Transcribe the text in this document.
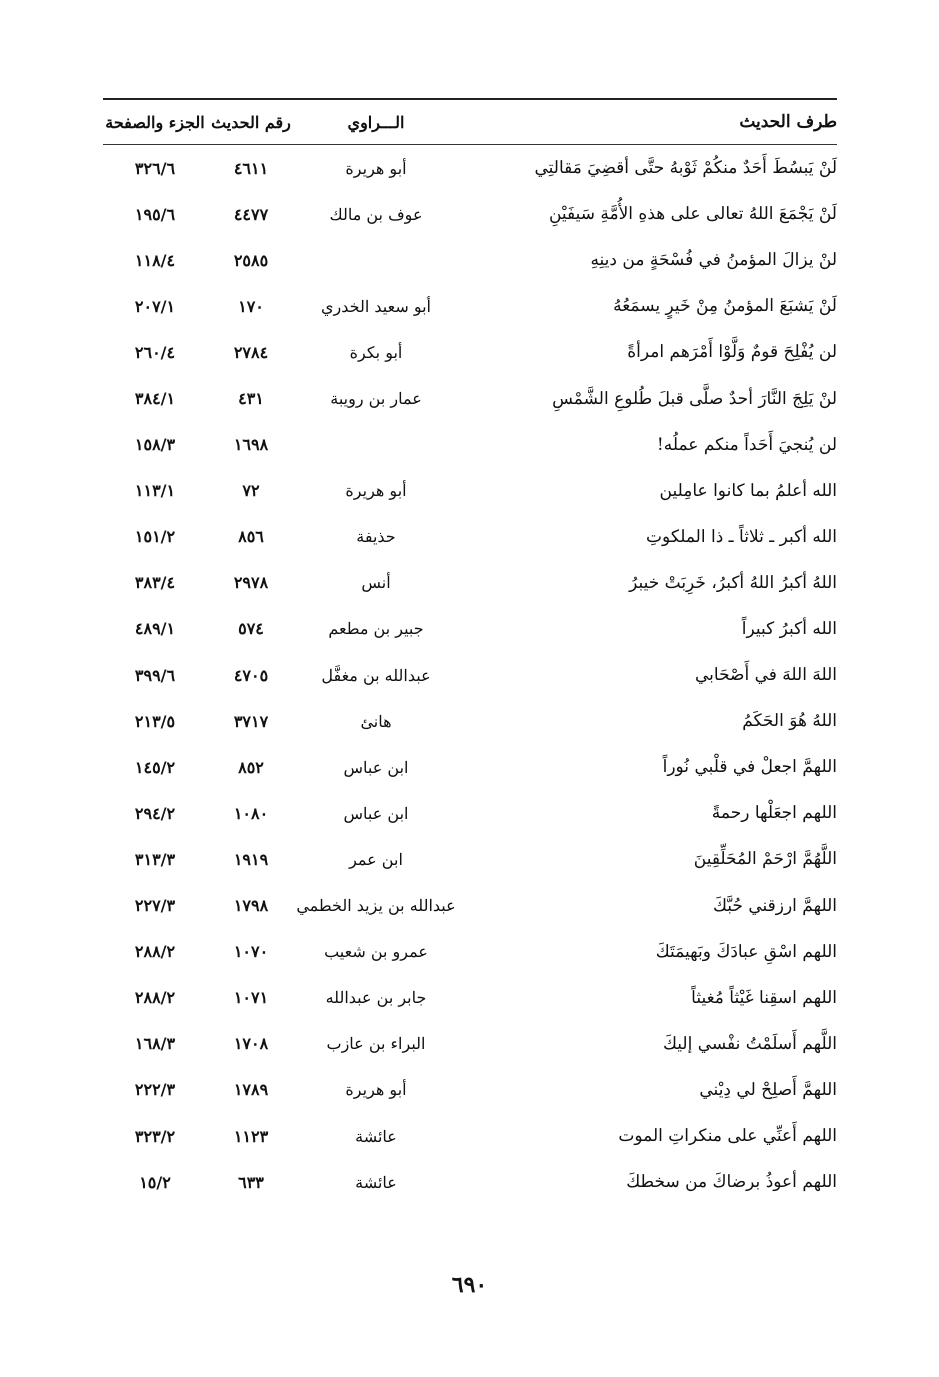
طرف الحديث	الـــراوي	رقم الحديث	الجزء والصفحة
لَنْ يَبسُطَ أَحَدٌ منكُمْ ثَوْبهُ حتَّى أقضِيَ مَقالتِي	أبو هريرة	٤٦١١	٣٢٦/٦
لَنْ يَجْمَعَ اللهُ تعالى على هذهِ الأُمَّةِ سَيفَيْنِ	عوف بن مالك	٤٤٧٧	١٩٥/٦
لنْ يزالَ المؤمنُ في فُسْحَةٍ من دينِهِ		٢٥٨٥	١١٨/٤
لَنْ يَشبَعَ المؤمنُ مِنْ خَيرٍ يسمَعُهُ	أبو سعيد الخدري	١٧٠	٢٠٧/١
لن يُفْلِحَ قومٌ وَلَّوْا أَمْرَهم امرأةً	أبو بكرة	٢٧٨٤	٢٦٠/٤
لنْ يَلِجَ النَّارَ أحدٌ صلَّى قبلَ طُلوعِ الشَّمْسِ	عمار بن رويبة	٤٣١	٣٨٤/١
لن يُنجيَ أَحَداً منكم عملُه!		١٦٩٨	١٥٨/٣
الله أعلمُ بما كانوا عامِلين	أبو هريرة	٧٢	١١٣/١
الله أكبر ـ ثلاثاً ـ ذا الملكوتِ	حذيفة	٨٥٦	١٥١/٢
اللهُ أكبرُ اللهُ أكبرُ، خَرِبَتْ خيبرُ	أنس	٢٩٧٨	٣٨٣/٤
الله أكبرُ كبيراً	جبير بن مطعم	٥٧٤	٤٨٩/١
اللهَ اللهَ في أَصْحَابي	عبدالله بن مغفَّل	٤٧٠٥	٣٩٩/٦
اللهُ هُوَ الحَكَمُ	هانئ	٣٧١٧	٢١٣/٥
اللهمَّ اجعلْ في قلْبي نُوراً	ابن عباس	٨٥٢	١٤٥/٢
اللهم اجعَلْها رحمةً	ابن عباس	١٠٨٠	٢٩٤/٢
اللَّهُمَّ ارْحَمْ المُحَلِّقِينَ	ابن عمر	١٩١٩	٣١٣/٣
اللهمَّ ارزقني حُبَّكَ	عبدالله بن يزيد الخطمي	١٧٩٨	٢٢٧/٣
اللهم اسْقِ عبادَكَ وبَهيمَتَكَ	عمرو بن شعيب	١٠٧٠	٢٨٨/٢
اللهم اسقِنا غَيْثاً مُغيثاً	جابر بن عبدالله	١٠٧١	٢٨٨/٢
اللَّهم أَسلَمْتُ نفْسي إليكَ	البراء بن عازب	١٧٠٨	١٦٨/٣
اللهمَّ أَصلِحْ لي دِيْني	أبو هريرة	١٧٨٩	٢٢٢/٣
اللهم أَعنِّي على منكراتِ الموت	عائشة	١١٢٣	٣٢٣/٢
اللهم أعوذُ برضاكَ من سخطكَ	عائشة	٦٣٣	١٥/٢
٦٩٠
